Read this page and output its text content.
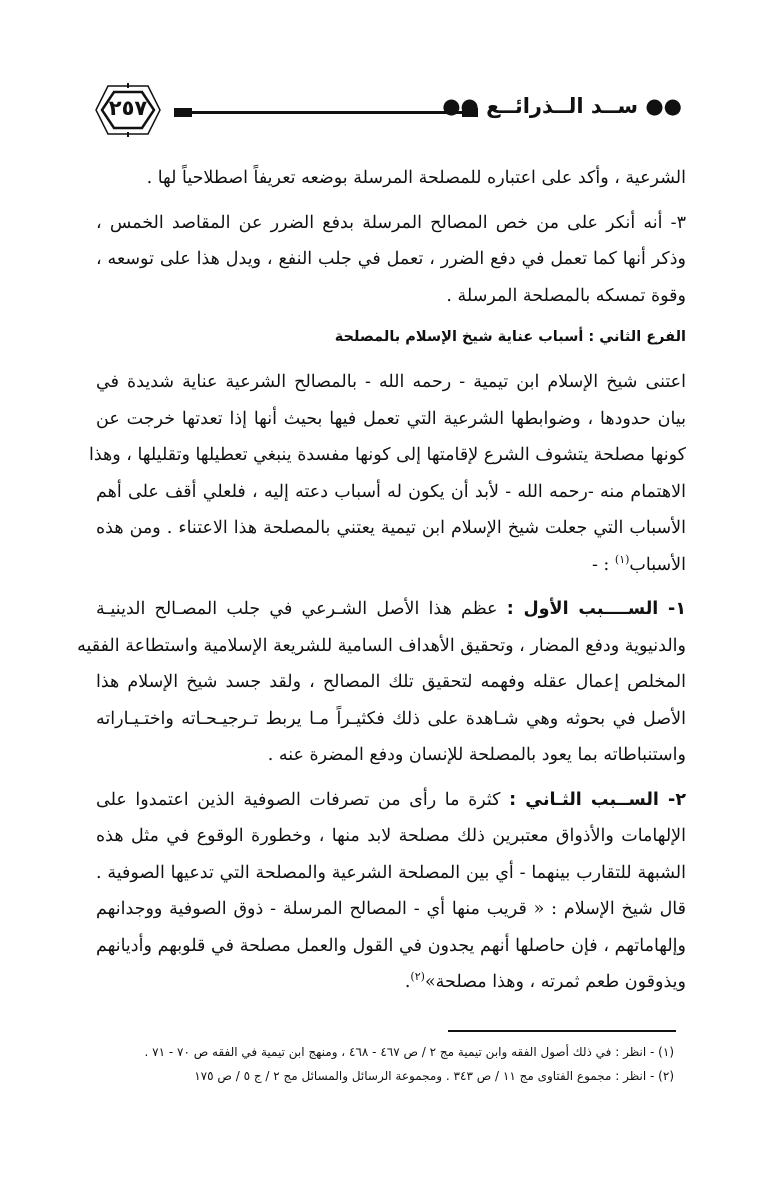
٢٥٧	●● ســد الــذرائــع ●●
الشرعية ، وأكد على اعتباره للمصلحة المرسلة بوضعه تعريفاً اصطلاحياً لها .
٣- أنه أنكر على من خص المصالح المرسلة بدفع الضرر عن المقاصد الخمس ،
وذكر أنها كما تعمل في دفع الضرر ، تعمل في جلب النفع ، ويدل هذا على توسعه ،
وقوة تمسكه بالمصلحة المرسلة .
الفرع الثاني : أسباب عناية شيخ الإسلام بالمصلحة
اعتنى شيخ الإسلام ابن تيمية - رحمه الله - بالمصالح الشرعية عناية شديدة في
بيان حدودها ، وضوابطها الشرعية التي تعمل فيها بحيث أنها إذا تعدتها خرجت عن
كونها مصلحة يتشوف الشرع لإقامتها إلى كونها مفسدة ينبغي تعطيلها وتقليلها ، وهذا
الاهتمام منه -رحمه الله - لأبد أن يكون له أسباب دعته إليه ، فلعلي أقف على أهم
الأسباب التي جعلت شيخ الإسلام ابن تيمية يعتني بالمصلحة هذا الاعتناء . ومن هذه
الأسباب$^{(١)}$ : -
١- الســــبب الأول : عظم هذا الأصل الشـرعي في جلب المصـالح الدينيـة
والدنيوية ودفع المضار ، وتحقيق الأهداف السامية للشريعة الإسلامية واستطاعة الفقيه
المخلص إعمال عقله وفهمه لتحقيق تلك المصالح ، ولقد جسد شيخ الإسلام هذا
الأصل في بحوثه وهي شـاهدة على ذلك فكثيـراً مـا يربط تـرجيـحـاته واختـيـاراته
واستنباطاته بما يعود بالمصلحة للإنسان ودفع المضرة عنه .
٢- الســبب الثـاني : كثرة ما رأى من تصرفات الصوفية الذين اعتمدوا على
الإلهامات والأذواق معتبرين ذلك مصلحة لابد منها ، وخطورة الوقوع في مثل هذه
الشبهة للتقارب بينهما - أي بين المصلحة الشرعية والمصلحة التي تدعيها الصوفية .
قال شيخ الإسلام : « قريب منها أي - المصالح المرسلة - ذوق الصوفية ووجدانهم
وإلهاماتهم ، فإن حاصلها أنهم يجدون في القول والعمل مصلحة في قلوبهم وأديانهم
ويذوقون طعم ثمرته ، وهذا مصلحة»$^{(٢)}$.
(١) - انظر : في ذلك أصول الفقه وابن تيمية مج ٢ / ص ٤٦٧ - ٤٦٨ ، ومنهج ابن تيمية في الفقه ص ٧٠ - ٧١ .
(٢) - انظر : مجموع الفتاوى مج ١١ / ص ٣٤٣ . ومجموعة الرسائل والمسائل مج ٢ / ج ٥ / ص ١٧٥
